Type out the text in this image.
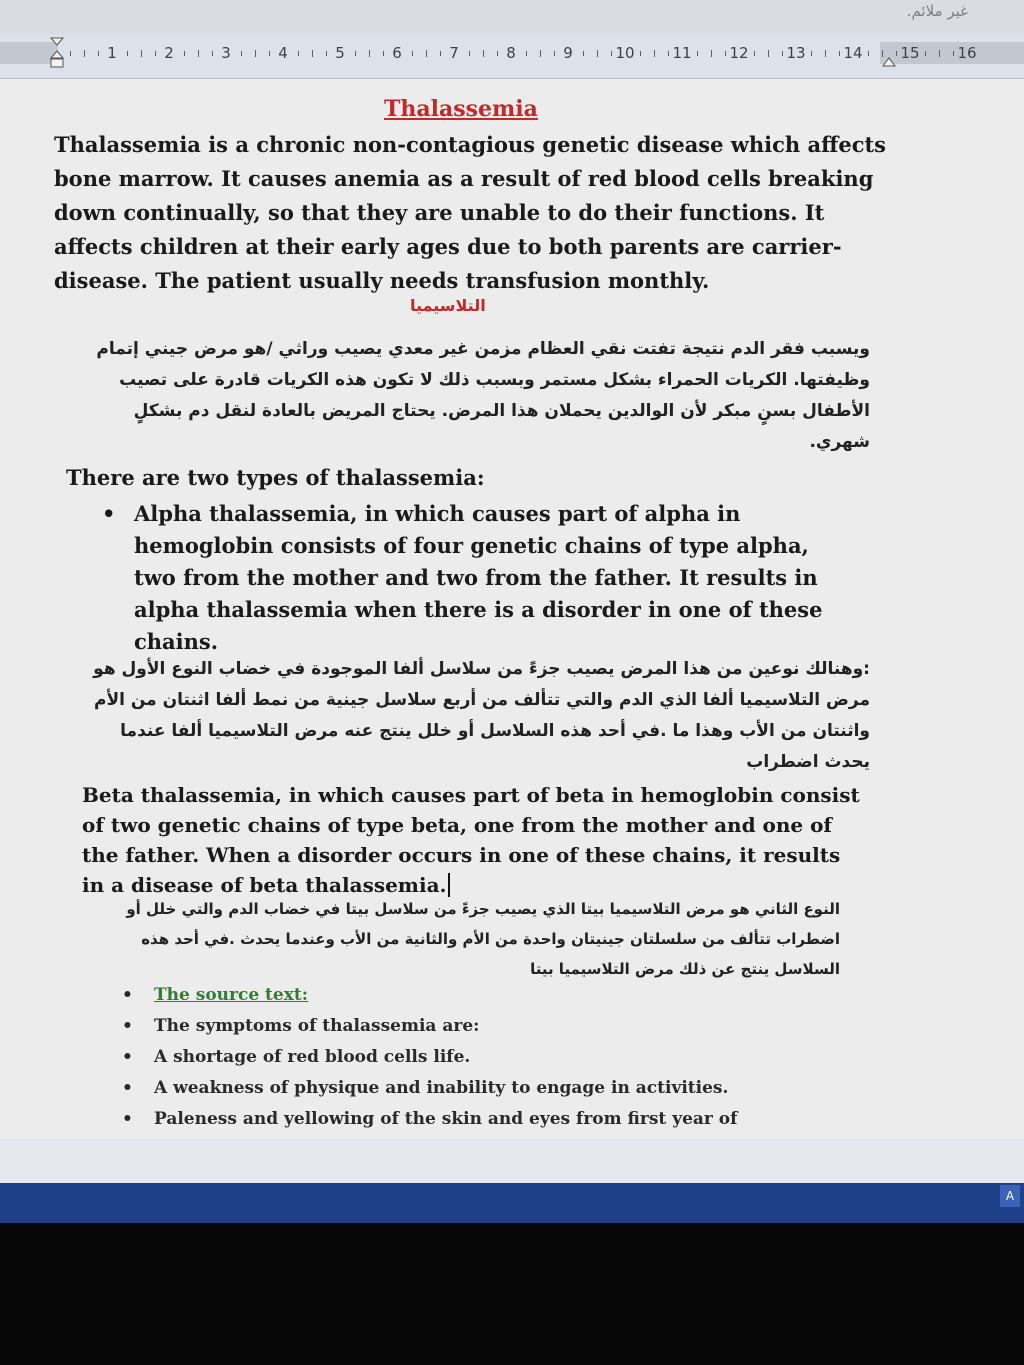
غير ملائم.
1	2	3	4	5	6	7	8	9	10	11	12	13	14	15	16
Thalassemia
Thalassemia is a chronic non-contagious genetic disease which affects bone marrow. It causes anemia as a result of red blood cells breaking down continually, so that they are unable to do their functions. It affects children at their early ages due to both parents are carrier-disease. The patient usually needs transfusion monthly.
التلاسيميا
ويسبب فقر الدم نتيجة تفتت نقي العظام مزمن غير معدي يصيب وراثي /هو مرض جيني إتمام وظيفتها. الكريات الحمراء بشكل مستمر وبسبب ذلك لا تكون هذه الكريات قادرة على تصيب الأطفال بسنٍ مبكر لأن الوالدين يحملان هذا المرض. يحتاج المريض بالعادة لنقل دم بشكلٍ شهري.
There are two types of thalassemia:
• Alpha thalassemia, in which causes part of alpha in hemoglobin consists of four genetic chains of type alpha, two from the mother and two from the father. It results in alpha thalassemia when there is a disorder in one of these chains.
:وهنالك نوعين من هذا المرض يصيب جزءً من سلاسل ألفا الموجودة في خضاب النوع الأول هو مرض التلاسيميا ألفا الذي الدم والتي تتألف من أربع سلاسل جينية من نمط ألفا اثنتان من الأم واثنتان من الأب وهذا ما .في أحد هذه السلاسل أو خلل ينتج عنه مرض التلاسيميا ألفا عندما يحدث اضطراب
Beta thalassemia, in which causes part of beta in hemoglobin consist of two genetic chains of type beta, one from the mother and one of the father. When a disorder occurs in one of these chains, it results in a disease of beta thalassemia.
النوع الثاني هو مرض التلاسيميا بيتا الذي يصيب جزءً من سلاسل بيتا في خضاب الدم والتي خلل أو اضطراب تتألف من سلسلتان جينيتان واحدة من الأم والثانية من الأب وعندما يحدث .في أحد هذه السلاسل ينتج عن ذلك مرض التلاسيميا بيتا
• The source text:
• The symptoms of thalassemia are:
• A shortage of red blood cells life.
• A weakness of physique and inability to engage in activities.
• Paleness and yellowing of the skin and eyes from first year of
A
